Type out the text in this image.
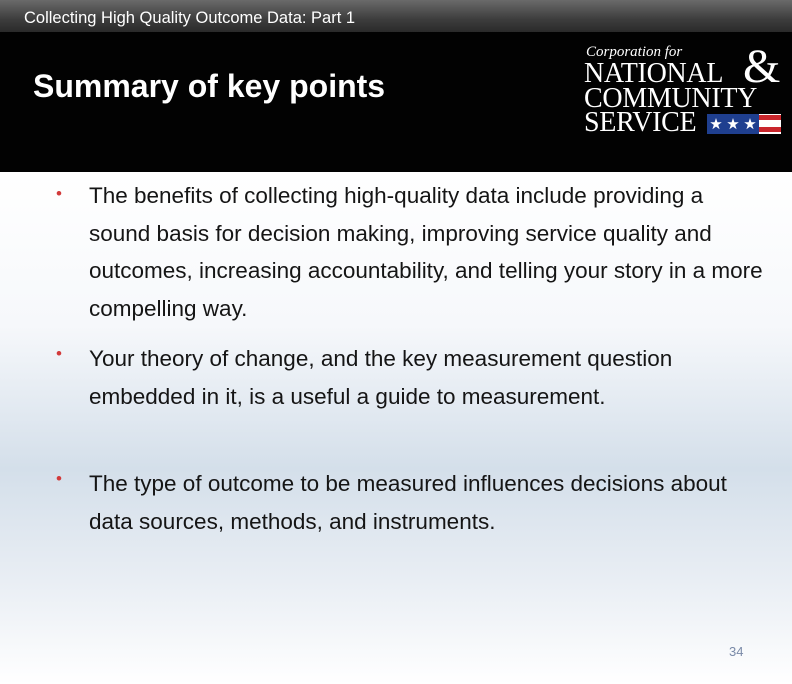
Collecting High Quality Outcome Data: Part 1
Summary of key points
Corporation for
NATIONAL &
COMMUNITY
SERVICE
• The benefits of collecting high-quality data include providing a sound basis for decision making, improving service quality and outcomes, increasing accountability, and telling your story in a more compelling way.
• Your theory of change, and the key measurement question embedded in it, is a useful a guide to measurement.
• The type of outcome to be measured influences decisions about data sources, methods, and instruments.
34
